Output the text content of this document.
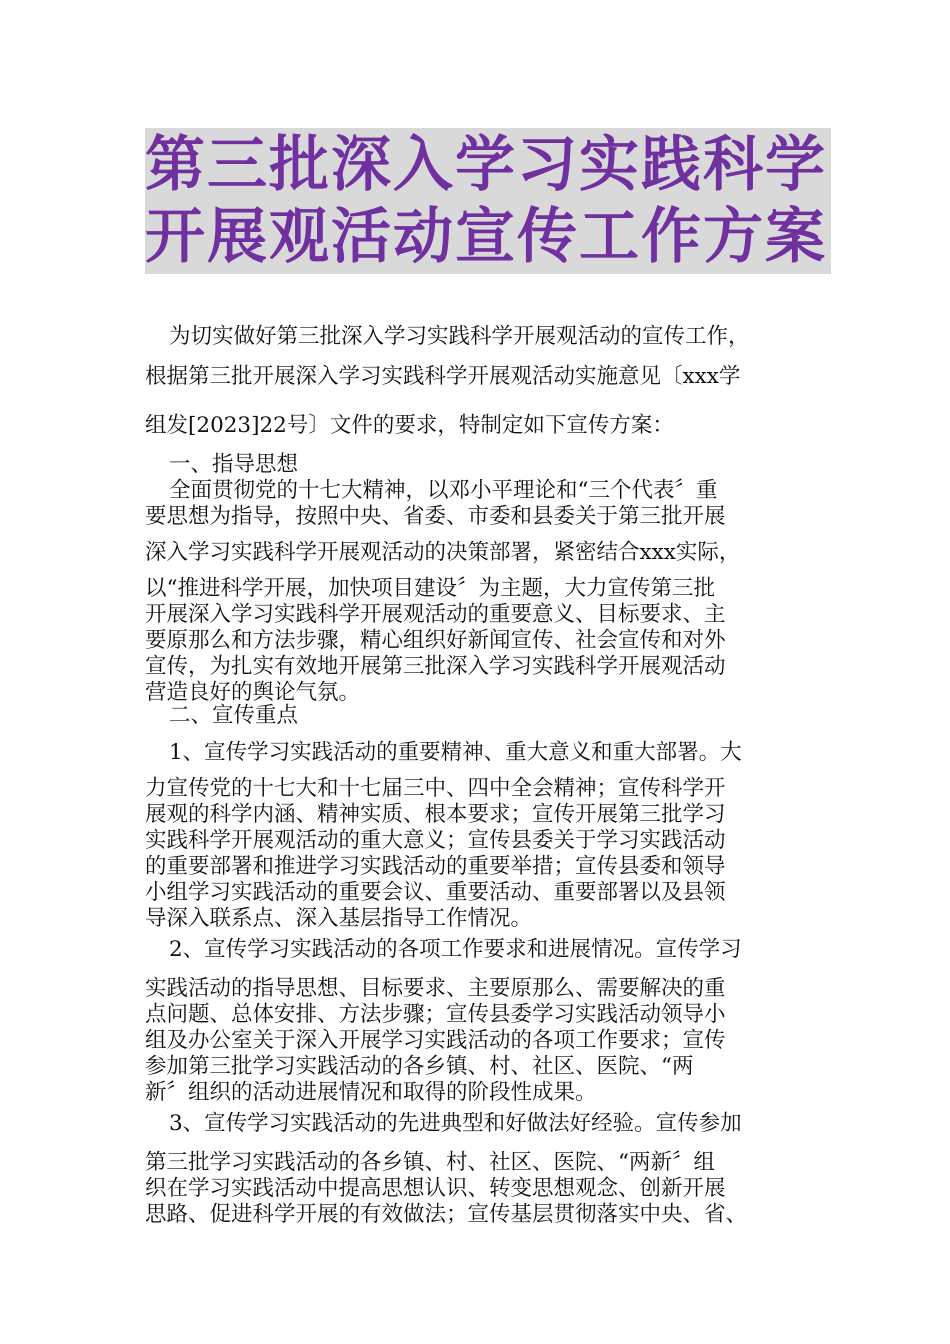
第三批深入学习实践科学
开展观活动宣传工作方案
为切实做好第三批深入学习实践科学开展观活动的宣传工作，
根据第三批开展深入学习实践科学开展观活动实施意见〔xxx学
组发[2023]22号〕文件的要求，特制定如下宣传方案：
一、指导思想
全面贯彻党的十七大精神，以邓小平理论和“三个代表〞重
要思想为指导，按照中央、省委、市委和县委关于第三批开展
深入学习实践科学开展观活动的决策部署，紧密结合xxx实际，
以“推进科学开展，加快项目建设〞为主题，大力宣传第三批
开展深入学习实践科学开展观活动的重要意义、目标要求、主
要原那么和方法步骤，精心组织好新闻宣传、社会宣传和对外
宣传，为扎实有效地开展第三批深入学习实践科学开展观活动
营造良好的舆论气氛。
二、宣传重点
1、宣传学习实践活动的重要精神、重大意义和重大部署。大
力宣传党的十七大和十七届三中、四中全会精神；宣传科学开
展观的科学内涵、精神实质、根本要求；宣传开展第三批学习
实践科学开展观活动的重大意义；宣传县委关于学习实践活动
的重要部署和推进学习实践活动的重要举措；宣传县委和领导
小组学习实践活动的重要会议、重要活动、重要部署以及县领
导深入联系点、深入基层指导工作情况。
2、宣传学习实践活动的各项工作要求和进展情况。宣传学习
实践活动的指导思想、目标要求、主要原那么、需要解决的重
点问题、总体安排、方法步骤；宣传县委学习实践活动领导小
组及办公室关于深入开展学习实践活动的各项工作要求；宣传
参加第三批学习实践活动的各乡镇、村、社区、医院、“两
新〞组织的活动进展情况和取得的阶段性成果。
3、宣传学习实践活动的先进典型和好做法好经验。宣传参加
第三批学习实践活动的各乡镇、村、社区、医院、“两新〞组
织在学习实践活动中提高思想认识、转变思想观念、创新开展
思路、促进科学开展的有效做法；宣传基层贯彻落实中央、省、
